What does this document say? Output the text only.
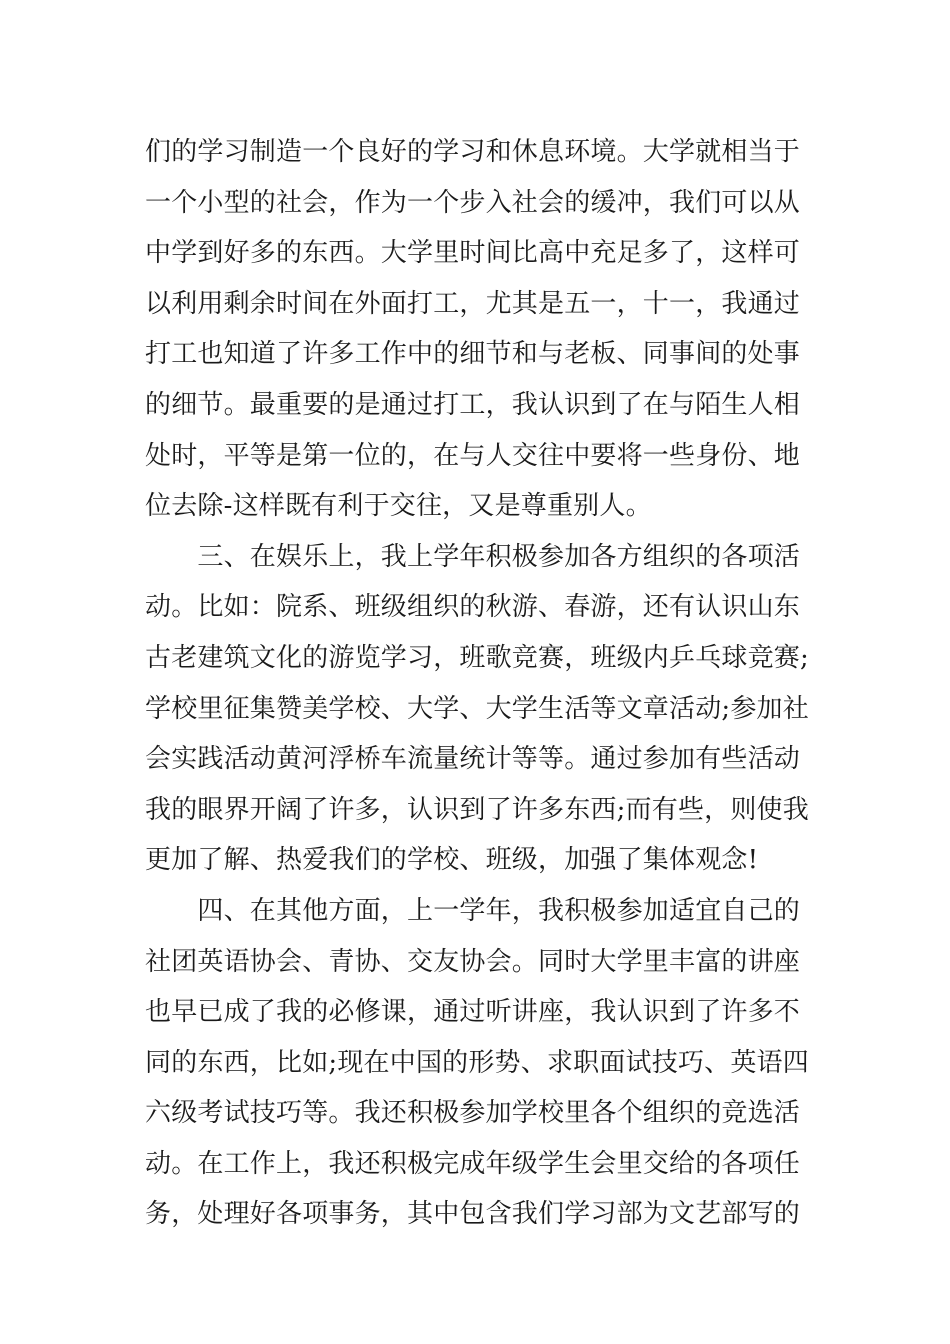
们的学习制造一个良好的学习和休息环境。大学就相当于
一个小型的社会，作为一个步入社会的缓冲，我们可以从
中学到好多的东西。大学里时间比高中充足多了，这样可
以利用剩余时间在外面打工，尤其是五一，十一，我通过
打工也知道了许多工作中的细节和与老板、同事间的处事
的细节。最重要的是通过打工，我认识到了在与陌生人相
处时，平等是第一位的，在与人交往中要将一些身份、地
位去除-这样既有利于交往，又是尊重别人。
　　三、在娱乐上，我上学年积极参加各方组织的各项活
动。比如：院系、班级组织的秋游、春游，还有认识山东
古老建筑文化的游览学习，班歌竞赛，班级内乒乓球竞赛;
学校里征集赞美学校、大学、大学生活等文章活动;参加社
会实践活动黄河浮桥车流量统计等等。通过参加有些活动
我的眼界开阔了许多，认识到了许多东西;而有些，则使我
更加了解、热爱我们的学校、班级，加强了集体观念!
　　四、在其他方面，上一学年，我积极参加适宜自己的
社团英语协会、青协、交友协会。同时大学里丰富的讲座
也早已成了我的必修课，通过听讲座，我认识到了许多不
同的东西，比如;现在中国的形势、求职面试技巧、英语四
六级考试技巧等。我还积极参加学校里各个组织的竞选活
动。在工作上，我还积极完成年级学生会里交给的各项任
务，处理好各项事务，其中包含我们学习部为文艺部写的
